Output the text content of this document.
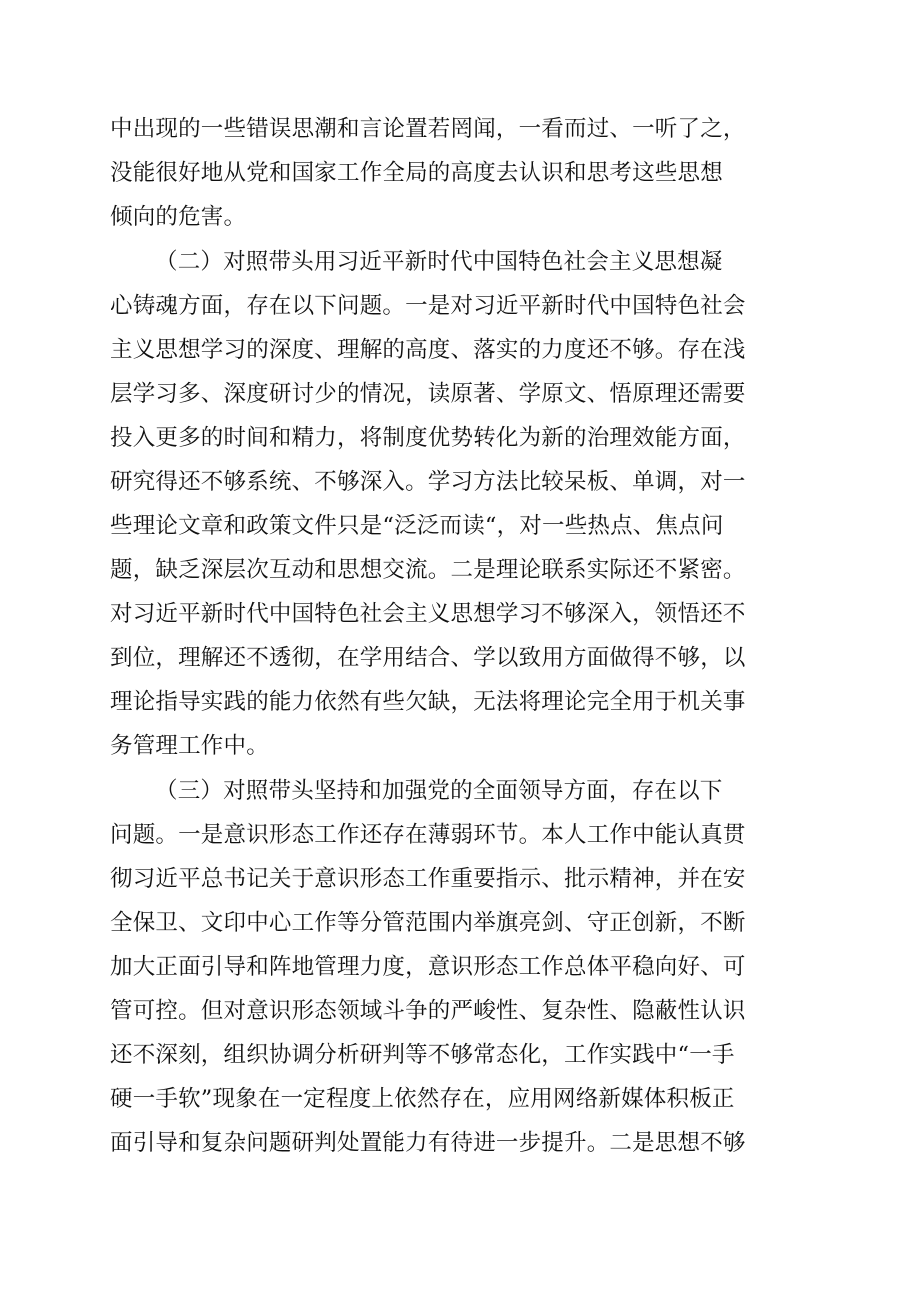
中出现的一些错误思潮和言论置若罔闻，一看而过、一听了之，
没能很好地从党和国家工作全局的高度去认识和思考这些思想
倾向的危害。
（二）对照带头用习近平新时代中国特色社会主义思想凝
心铸魂方面，存在以下问题。一是对习近平新时代中国特色社会
主义思想学习的深度、理解的高度、落实的力度还不够。存在浅
层学习多、深度研讨少的情况，读原著、学原文、悟原理还需要
投入更多的时间和精力，将制度优势转化为新的治理效能方面，
研究得还不够系统、不够深入。学习方法比较呆板、单调，对一
些理论文章和政策文件只是“泛泛而读“，对一些热点、焦点问
题，缺乏深层次互动和思想交流。二是理论联系实际还不紧密。
对习近平新时代中国特色社会主义思想学习不够深入，领悟还不
到位，理解还不透彻，在学用结合、学以致用方面做得不够，以
理论指导实践的能力依然有些欠缺，无法将理论完全用于机关事
务管理工作中。
（三）对照带头坚持和加强党的全面领导方面，存在以下
问题。一是意识形态工作还存在薄弱环节。本人工作中能认真贯
彻习近平总书记关于意识形态工作重要指示、批示精神，并在安
全保卫、文印中心工作等分管范围内举旗亮剑、守正创新，不断
加大正面引导和阵地管理力度，意识形态工作总体平稳向好、可
管可控。但对意识形态领域斗争的严峻性、复杂性、隐蔽性认识
还不深刻，组织协调分析研判等不够常态化，工作实践中“一手
硬一手软”现象在一定程度上依然存在，应用网络新媒体积板正
面引导和复杂问题研判处置能力有待进一步提升。二是思想不够
